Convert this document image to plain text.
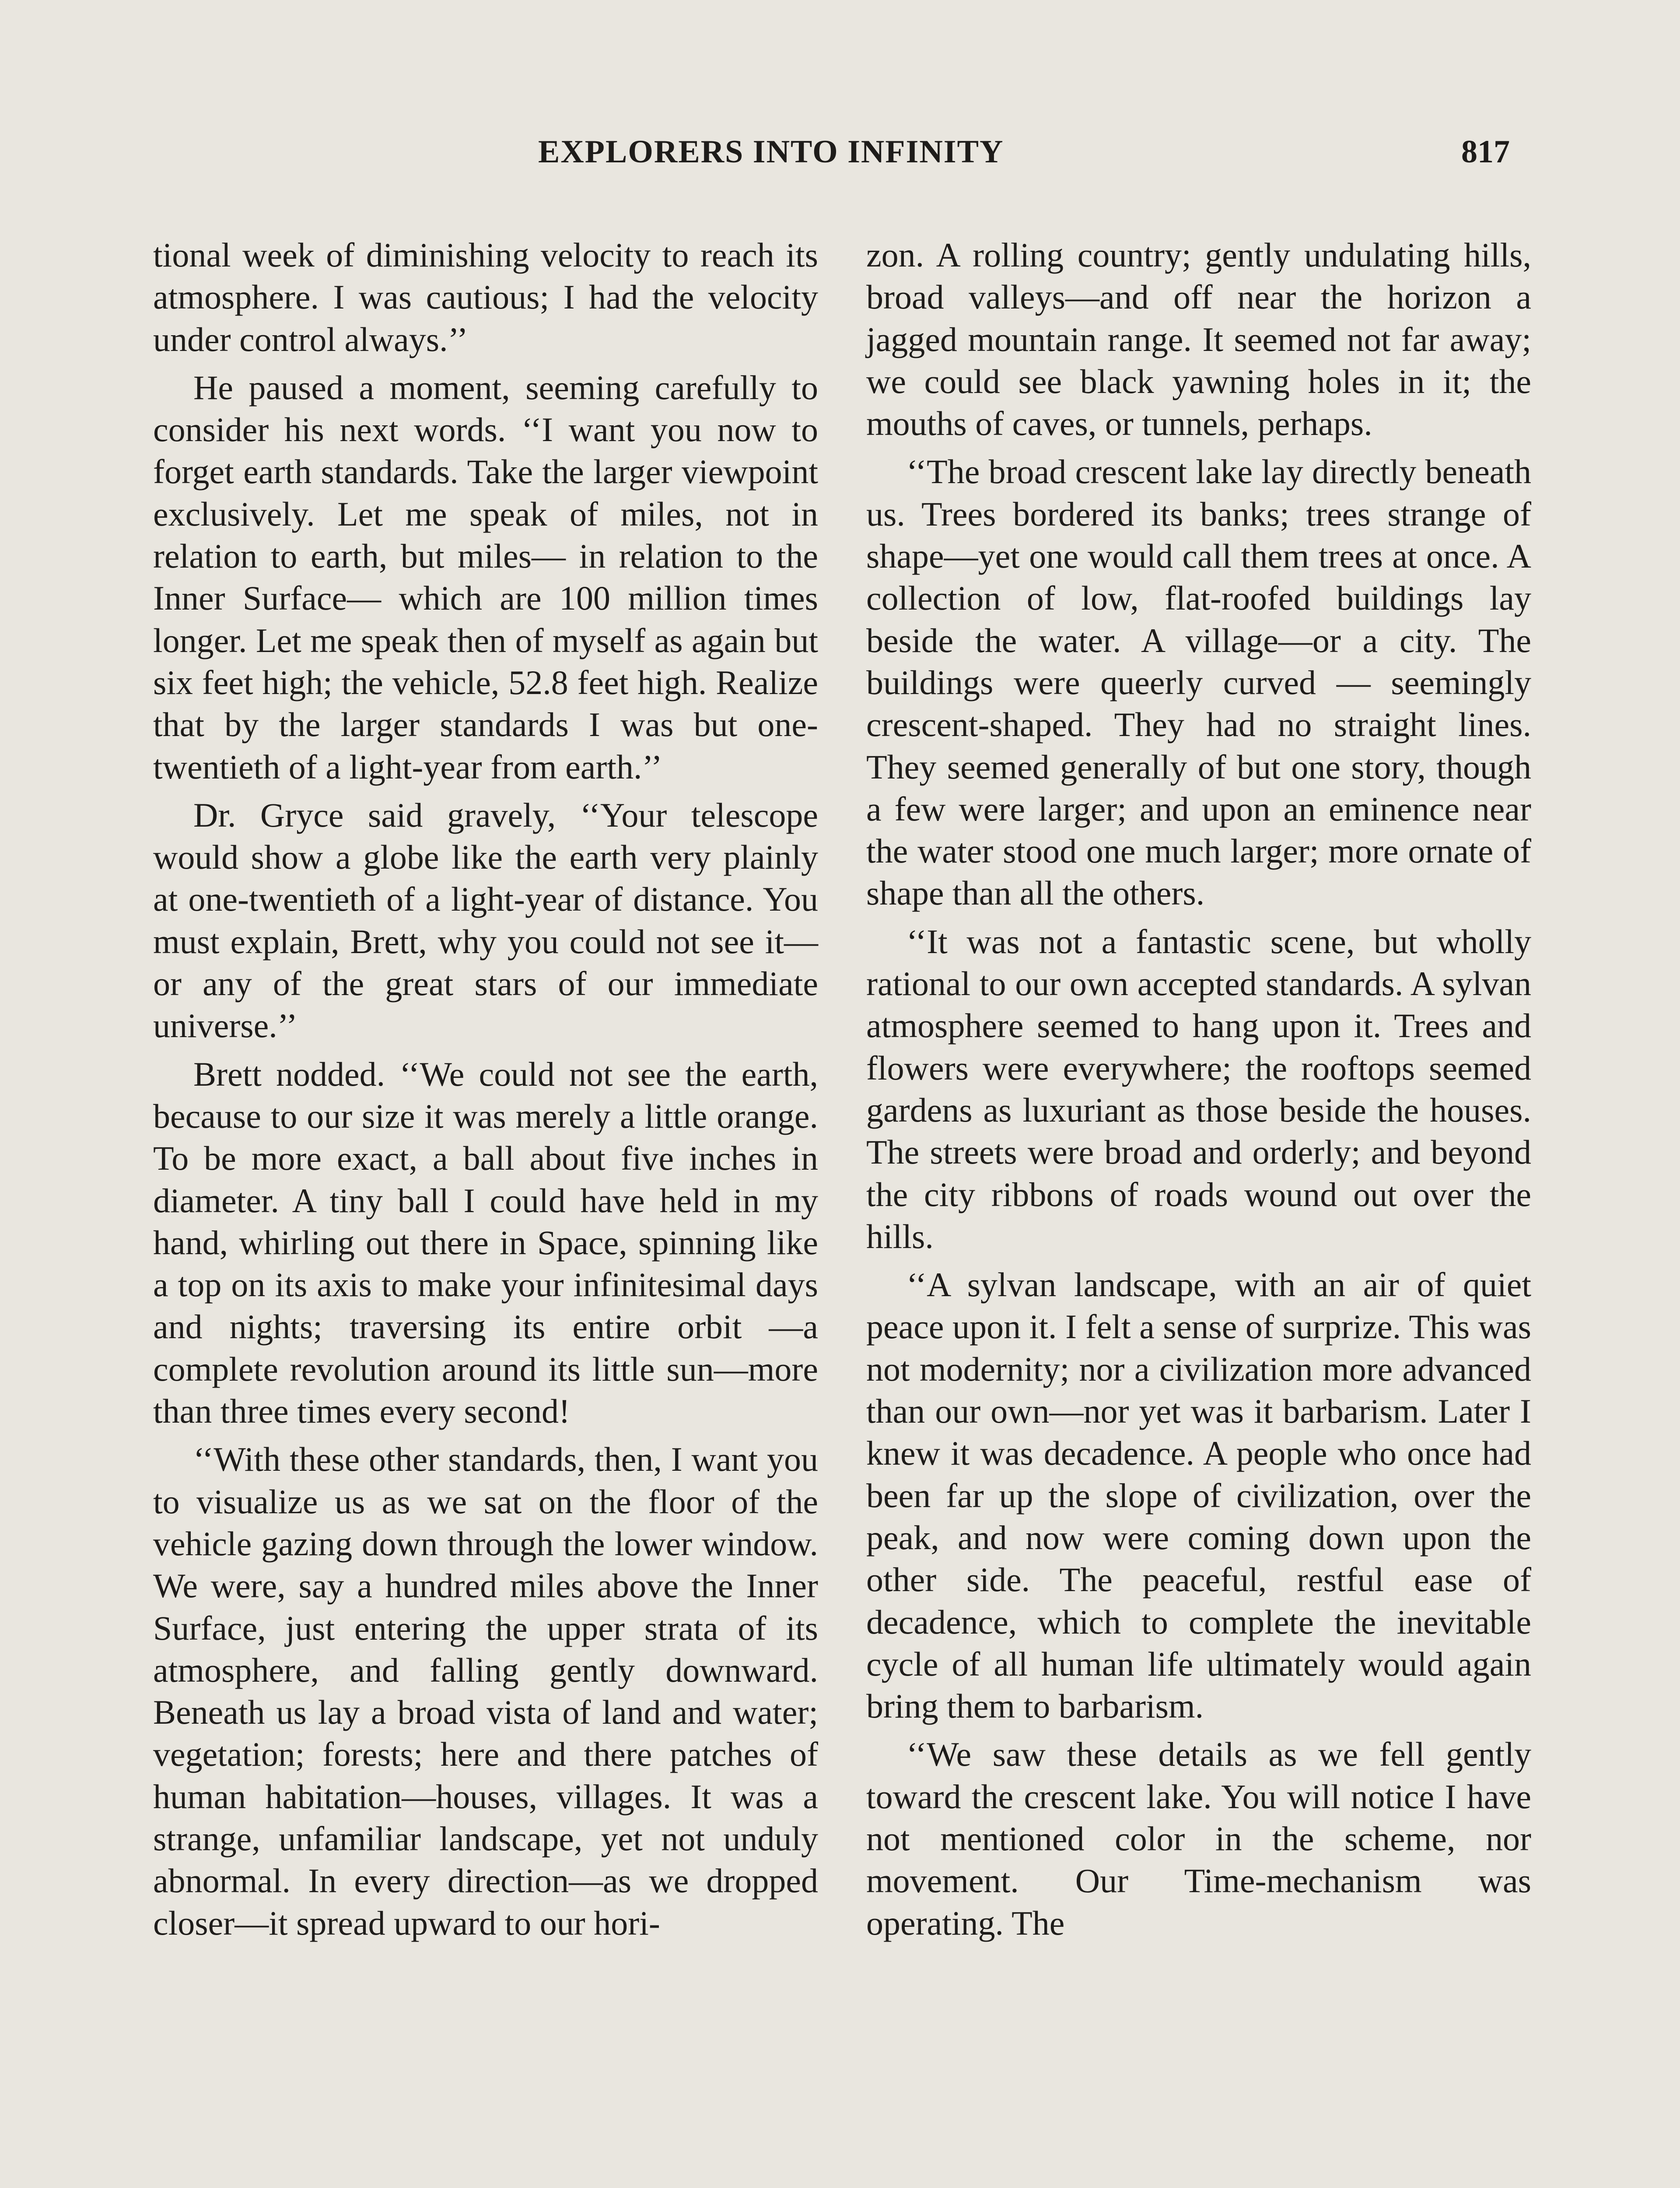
EXPLORERS INTO INFINITY	817

tional week of diminishing velocity to reach its atmosphere. I was cautious; I had the velocity under control always.’’

He paused a moment, seeming carefully to consider his next words. ‘‘I want you now to forget earth standards. Take the larger viewpoint exclusively. Let me speak of miles, not in relation to earth, but miles— in relation to the Inner Surface— which are 100 million times longer. Let me speak then of myself as again but six feet high; the vehicle, 52.8 feet high. Realize that by the larger standards I was but one-twentieth of a light-year from earth.’’

Dr. Gryce said gravely, ‘‘Your telescope would show a globe like the earth very plainly at one-twentieth of a light-year of distance. You must explain, Brett, why you could not see it—or any of the great stars of our immediate universe.’’

Brett nodded. ‘‘We could not see the earth, because to our size it was merely a little orange. To be more exact, a ball about five inches in diameter. A tiny ball I could have held in my hand, whirling out there in Space, spinning like a top on its axis to make your infinitesimal days and nights; traversing its entire orbit —a complete revolution around its little sun—more than three times every second!

‘‘With these other standards, then, I want you to visualize us as we sat on the floor of the vehicle gazing down through the lower window. We were, say a hundred miles above the Inner Surface, just entering the upper strata of its atmosphere, and falling gently downward. Beneath us lay a broad vista of land and water; vegetation; forests; here and there patches of human habitation—houses, villages. It was a strange, unfamiliar landscape, yet not unduly abnormal. In every direction—as we dropped closer—it spread upward to our hori-

zon. A rolling country; gently undulating hills, broad valleys—and off near the horizon a jagged mountain range. It seemed not far away; we could see black yawning holes in it; the mouths of caves, or tunnels, perhaps.

‘‘The broad crescent lake lay directly beneath us. Trees bordered its banks; trees strange of shape—yet one would call them trees at once. A collection of low, flat-roofed buildings lay beside the water. A village—or a city. The buildings were queerly curved — seemingly crescent-shaped. They had no straight lines. They seemed generally of but one story, though a few were larger; and upon an eminence near the water stood one much larger; more ornate of shape than all the others.

‘‘It was not a fantastic scene, but wholly rational to our own accepted standards. A sylvan atmosphere seemed to hang upon it. Trees and flowers were everywhere; the rooftops seemed gardens as luxuriant as those beside the houses. The streets were broad and orderly; and beyond the city ribbons of roads wound out over the hills.

‘‘A sylvan landscape, with an air of quiet peace upon it. I felt a sense of surprize. This was not modernity; nor a civilization more advanced than our own—nor yet was it barbarism. Later I knew it was decadence. A people who once had been far up the slope of civilization, over the peak, and now were coming down upon the other side. The peaceful, restful ease of decadence, which to complete the inevitable cycle of all human life ultimately would again bring them to barbarism.

‘‘We saw these details as we fell gently toward the crescent lake. You will notice I have not mentioned color in the scheme, nor movement. Our Time-mechanism was operating. The
